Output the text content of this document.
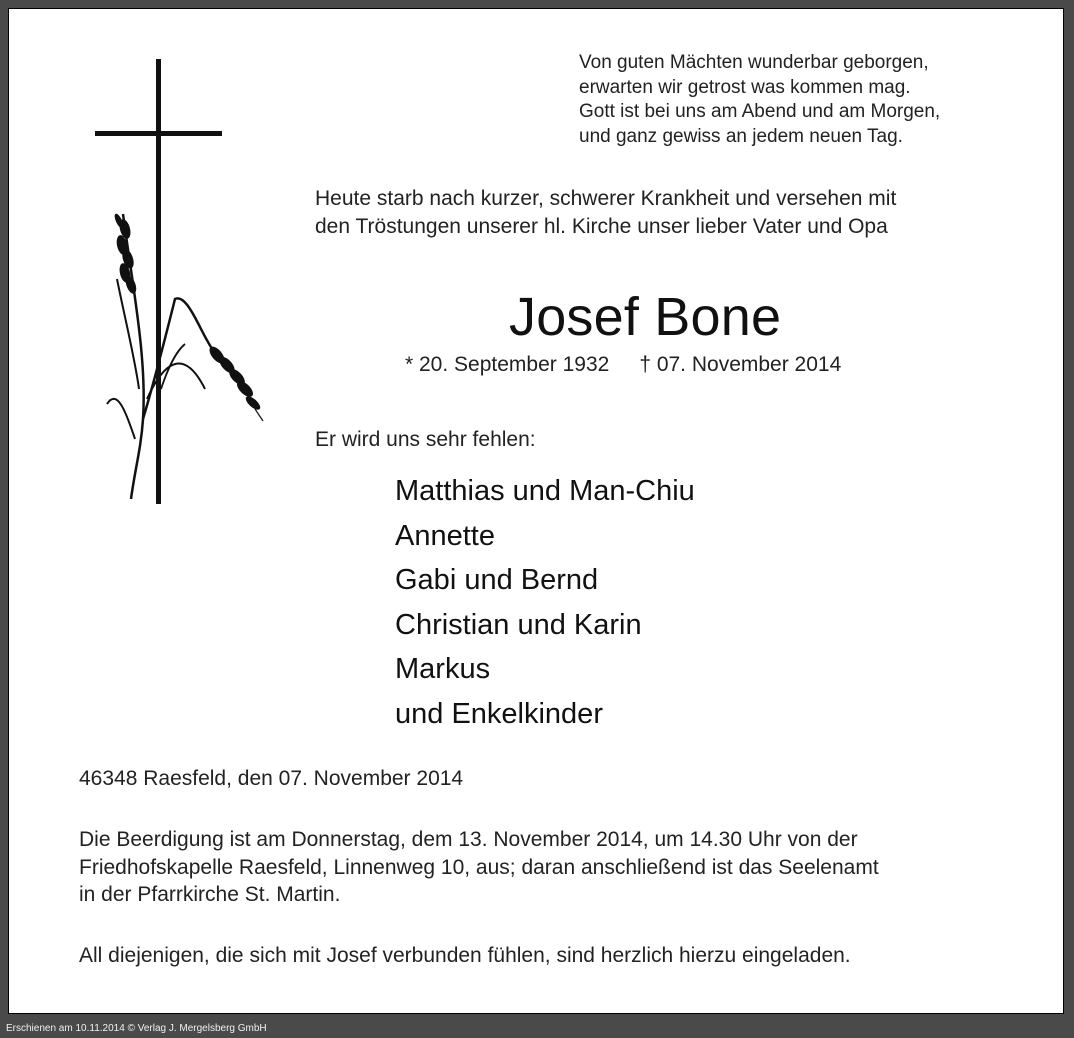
Von guten Mächten wunderbar geborgen,
erwarten wir getrost was kommen mag.
Gott ist bei uns am Abend und am Morgen,
und ganz gewiss an jedem neuen Tag.
Heute starb nach kurzer, schwerer Krankheit und versehen mit
den Tröstungen unserer hl. Kirche unser lieber Vater und Opa
Josef Bone
* 20. September 1932 † 07. November 2014
Er wird uns sehr fehlen:
Matthias und Man-Chiu
Annette
Gabi und Bernd
Christian und Karin
Markus
und Enkelkinder
46348 Raesfeld, den 07. November 2014
Die Beerdigung ist am Donnerstag, dem 13. November 2014, um 14.30 Uhr von der
Friedhofskapelle Raesfeld, Linnenweg 10, aus; daran anschließend ist das Seelenamt
in der Pfarrkirche St. Martin.
All diejenigen, die sich mit Josef verbunden fühlen, sind herzlich hierzu eingeladen.
Erschienen am 10.11.2014 © Verlag J. Mergelsberg GmbH
